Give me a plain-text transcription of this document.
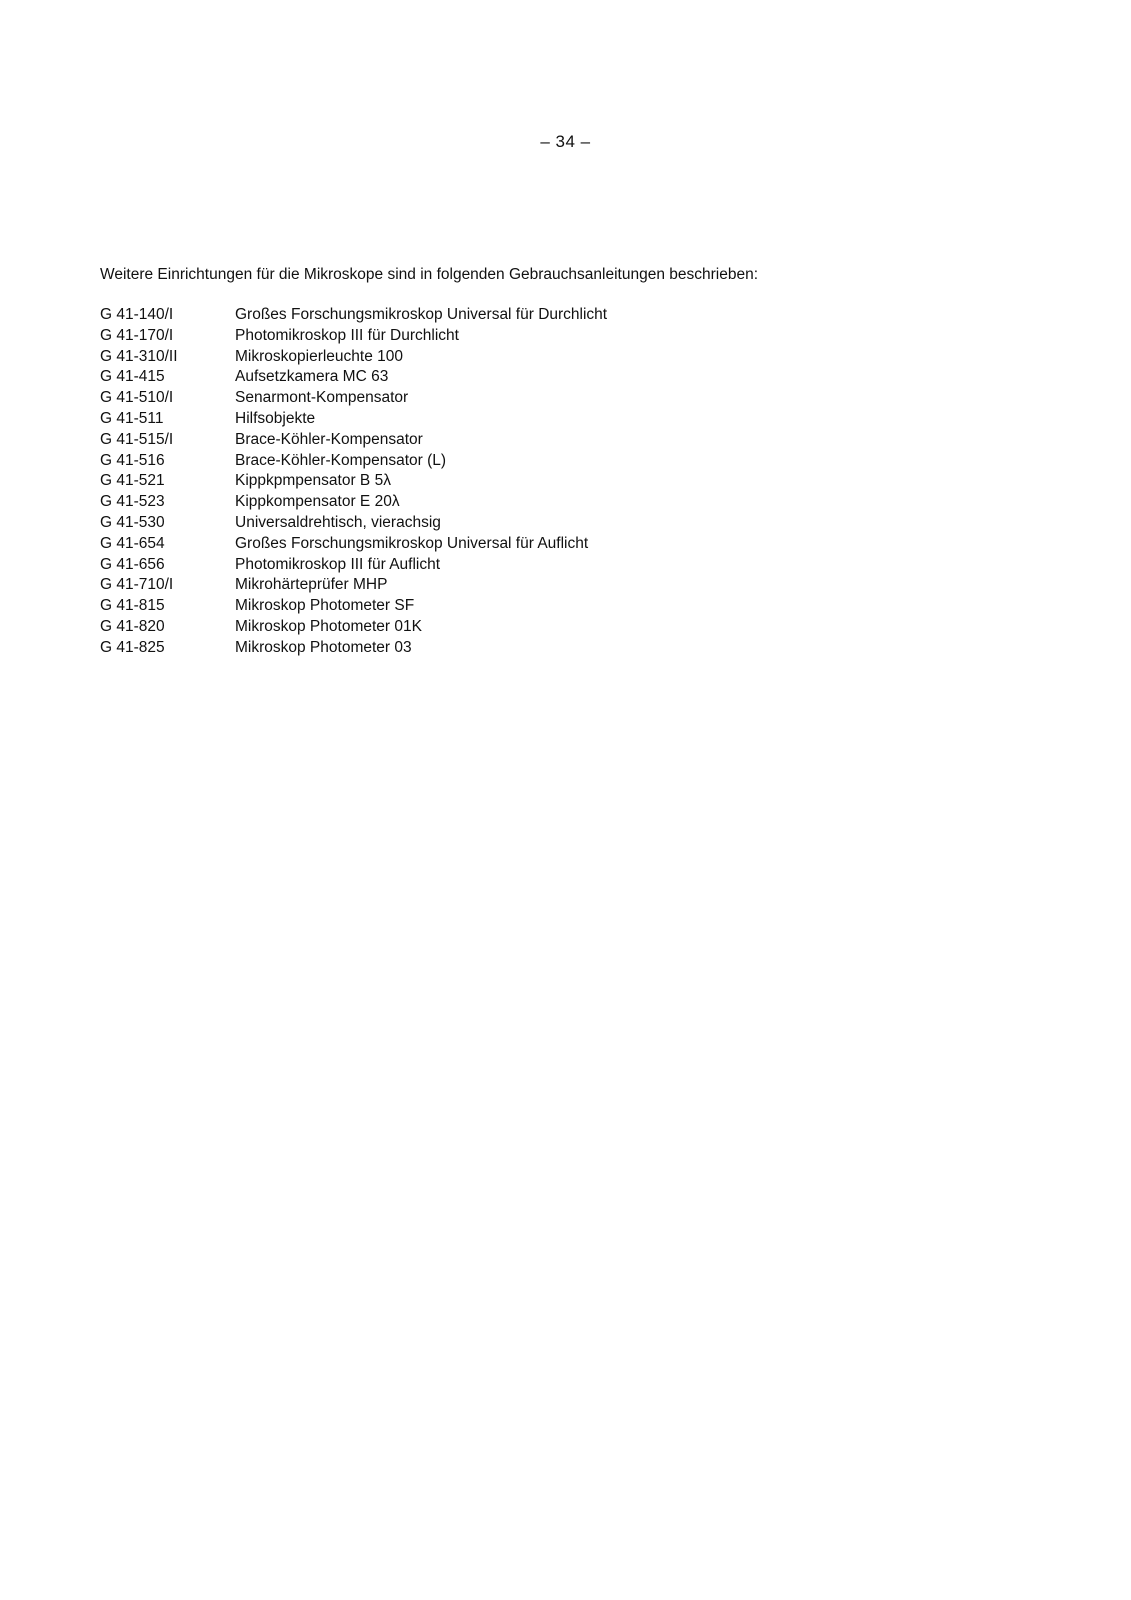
– 34 –
Weitere Einrichtungen für die Mikroskope sind in folgenden Gebrauchsanleitungen beschrieben:
G 41-140/I	Großes Forschungsmikroskop Universal für Durchlicht
G 41-170/I	Photomikroskop III für Durchlicht
G 41-310/II	Mikroskopierleuchte 100
G 41-415	Aufsetzkamera MC 63
G 41-510/I	Senarmont-Kompensator
G 41-511	Hilfsobjekte
G 41-515/I	Brace-Köhler-Kompensator
G 41-516	Brace-Köhler-Kompensator (L)
G 41-521	Kippkpmpensator B 5λ
G 41-523	Kippkompensator E 20λ
G 41-530	Universaldrehtisch, vierachsig
G 41-654	Großes Forschungsmikroskop Universal für Auflicht
G 41-656	Photomikroskop III für Auflicht
G 41-710/I	Mikrohärteprüfer MHP
G 41-815	Mikroskop Photometer SF
G 41-820	Mikroskop Photometer 01K
G 41-825	Mikroskop Photometer 03
